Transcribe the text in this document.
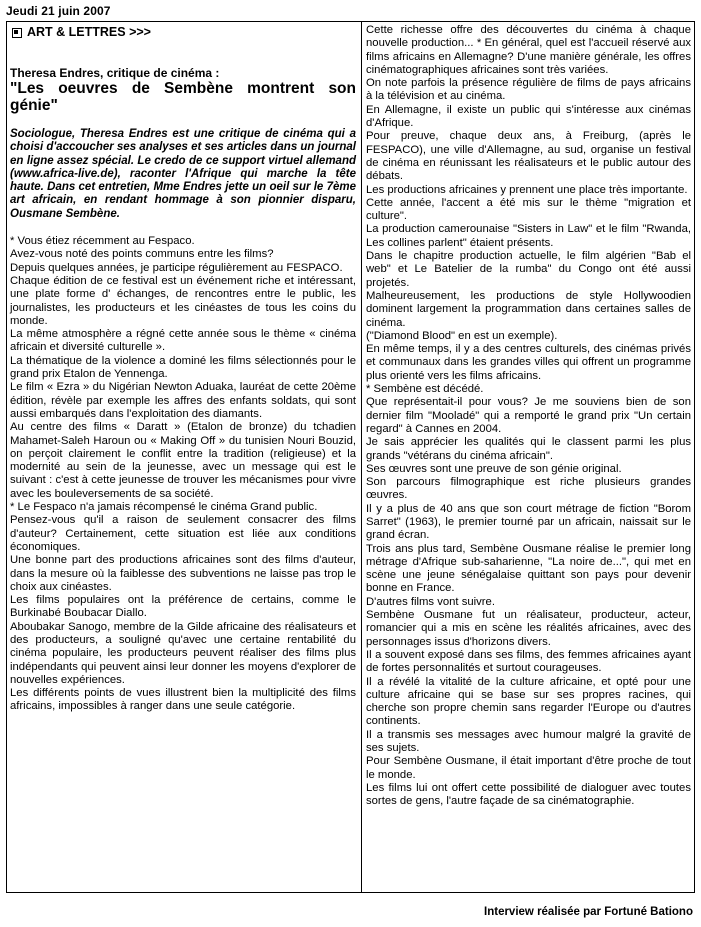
Jeudi 21 juin 2007
ART & LETTRES >>>

Theresa Endres, critique de cinéma :

"Les oeuvres de Sembène montrent son génie"

Sociologue, Theresa Endres est une critique de cinéma qui a choisi d'accoucher ses analyses et ses articles dans un journal en ligne assez spécial. Le credo de ce support virtuel allemand (www.africa-live.de), raconter l'Afrique qui marche la tête haute. Dans cet entretien, Mme Endres jette un oeil sur le 7ème art africain, en rendant hommage à son pionnier disparu, Ousmane Sembène.

* Vous étiez récemment au Fespaco.

Avez-vous noté des points communs entre les films?

Depuis quelques années, je participe régulièrement au FESPACO.

Chaque édition de ce festival est un événement riche et intéressant, une plate forme d' échanges, de rencontres entre le public, les journalistes, les producteurs et les cinéastes de tous les coins du monde.

La même atmosphère a régné cette année sous le thème « cinéma africain et diversité culturelle ».

La thématique de la violence a dominé les films sélectionnés pour le grand prix Etalon de Yennenga.

Le film « Ezra » du Nigérian Newton Aduaka, lauréat de cette 20ème édition, révèle par exemple les affres des enfants soldats, qui sont aussi embarqués dans l'exploitation des diamants.

Au centre des films « Daratt » (Etalon de bronze) du tchadien Mahamet-Saleh Haroun ou « Making Off » du tunisien Nouri Bouzid, on perçoit clairement le conflit entre la tradition (religieuse) et la modernité au sein de la jeunesse, avec un message qui est le suivant : c'est à cette jeunesse de trouver les mécanismes pour vivre avec les bouleversements de sa société.

* Le Fespaco n'a jamais récompensé le cinéma Grand public.

Pensez-vous qu'il a raison de seulement consacrer des films d'auteur? Certainement, cette situation est liée aux conditions économiques.

Une bonne part des productions africaines sont des films d'auteur, dans la mesure où la faiblesse des subventions ne laisse pas trop le choix aux cinéastes.

Les films populaires ont la préférence de certains, comme le Burkinabé Boubacar Diallo.

Aboubakar Sanogo, membre de la Gilde africaine des réalisateurs et des producteurs, a souligné qu'avec une certaine rentabilité du cinéma populaire, les producteurs peuvent réaliser des films plus indépendants qui peuvent ainsi leur donner les moyens d'explorer de nouvelles expériences.

Les différents points de vues illustrent bien la multiplicité des films africains, impossibles à ranger dans une seule catégorie.

Cette richesse offre des découvertes du cinéma à chaque nouvelle production... * En général, quel est l'accueil réservé aux films africains en Allemagne? D'une manière générale, les offres cinématographiques africaines sont très variées.

On note parfois la présence régulière de films de pays africains à la télévision et au cinéma.

En Allemagne, il existe un public qui s'intéresse aux cinémas d'Afrique.

Pour preuve, chaque deux ans, à Freiburg, (après le FESPACO), une ville d'Allemagne, au sud, organise un festival de cinéma en réunissant les réalisateurs et le public autour des débats.

Les productions africaines y prennent une place très importante.

Cette année, l'accent a été mis sur le thème "migration et culture".

La production camerounaise "Sisters in Law" et le film "Rwanda, Les collines parlent" étaient présents.

Dans le chapitre production actuelle, le film algérien "Bab el web" et Le Batelier de la rumba" du Congo ont été aussi projetés.

Malheureusement, les productions de style Hollywoodien dominent largement la programmation dans certaines salles de cinéma.

("Diamond Blood" en est un exemple).

En même temps, il y a des centres culturels, des cinémas privés et communaux dans les grandes villes qui offrent un programme plus orienté vers les films africains.

* Sembène est décédé.

Que représentait-il pour vous? Je me souviens bien de son dernier film "Mooladé" qui a remporté le grand prix "Un certain regard" à Cannes en 2004.

Je sais apprécier les qualités qui le classent parmi les plus grands "vétérans du cinéma africain".

Ses œuvres sont une preuve de son génie original.

Son parcours filmographique est riche plusieurs grandes œuvres.

Il y a plus de 40 ans que son court métrage de fiction "Borom Sarret" (1963), le premier tourné par un africain, naissait sur le grand écran.

Trois ans plus tard, Sembène Ousmane réalise le premier long métrage d'Afrique sub-saharienne, "La noire de...", qui met en scène une jeune sénégalaise quittant son pays pour devenir bonne en France.

D'autres films vont suivre.

Sembène Ousmane fut un réalisateur, producteur, acteur, romancier qui a mis en scène les réalités africaines, avec des personnages issus d'horizons divers.

Il a souvent exposé dans ses films, des femmes africaines ayant de fortes personnalités et surtout courageuses.

Il a révélé la vitalité de la culture africaine, et opté pour une culture africaine qui se base sur ses propres racines, qui cherche son propre chemin sans regarder l'Europe ou d'autres continents.

Il a transmis ses messages avec humour malgré la gravité de ses sujets.

Pour Sembène Ousmane, il était important d'être proche de tout le monde.

Les films lui ont offert cette possibilité de dialoguer avec toutes sortes de gens, l'autre façade de sa cinématographie.

Interview réalisée par Fortuné Bationo
